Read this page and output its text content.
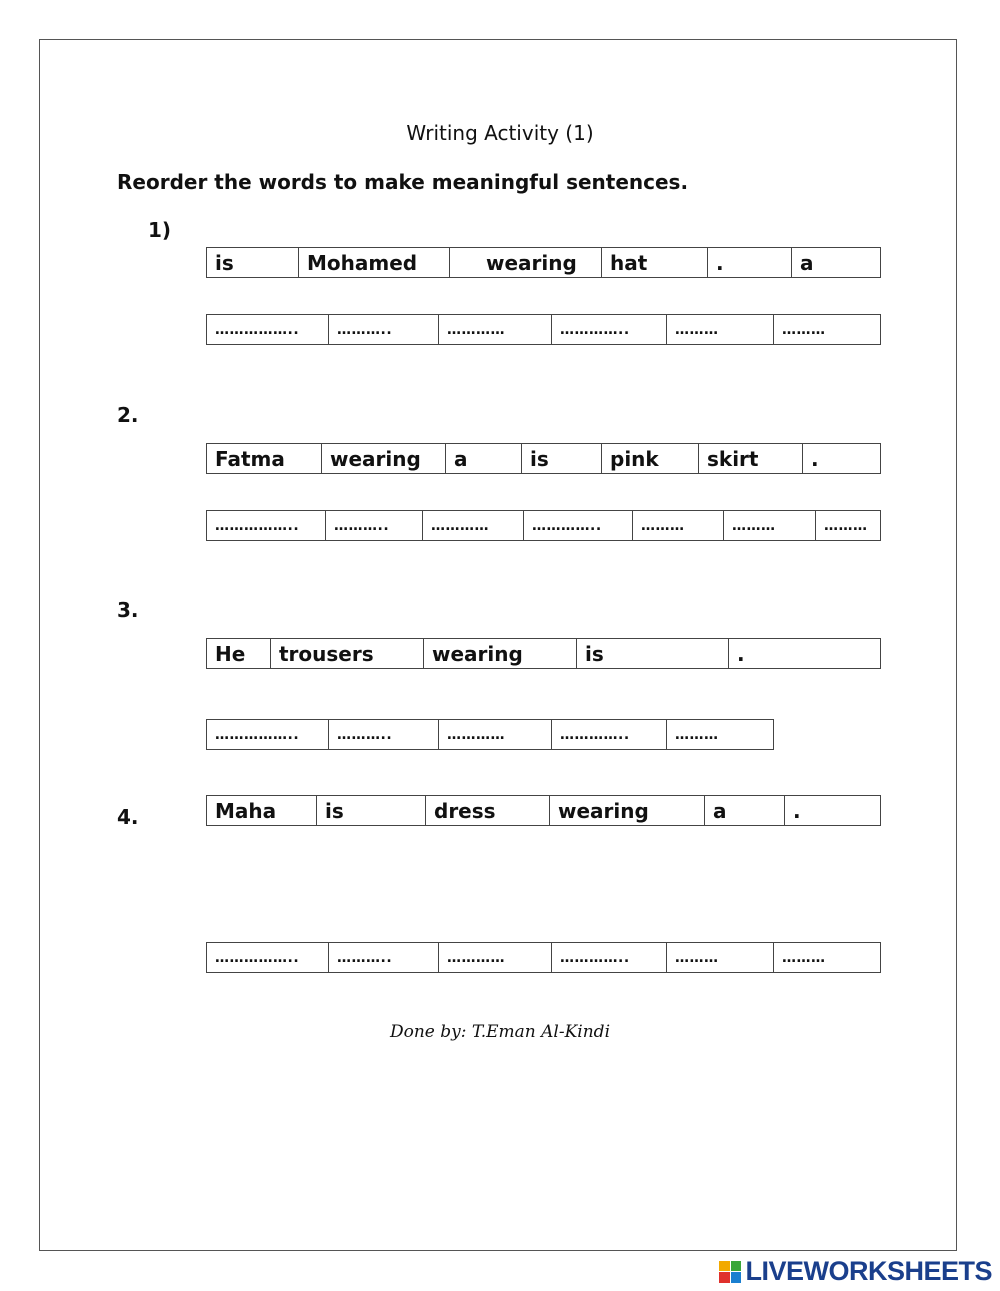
Writing Activity (1)
Reorder the words to make meaningful sentences.
1)
is	Mohamed	wearing	hat	.	a
……………..	………..	…………	…………..	………	………
2.
Fatma	wearing	a	is	pink	skirt	.
……………..	………..	…………	…………..	………	………	………
3.
He	trousers	wearing	is	.
……………..	………..	…………	…………..	………
4.	Maha	is	dress	wearing	a	.
……………..	………..	…………	…………..	………	………
Done by: T.Eman Al-Kindi
LIVEWORKSHEETS
